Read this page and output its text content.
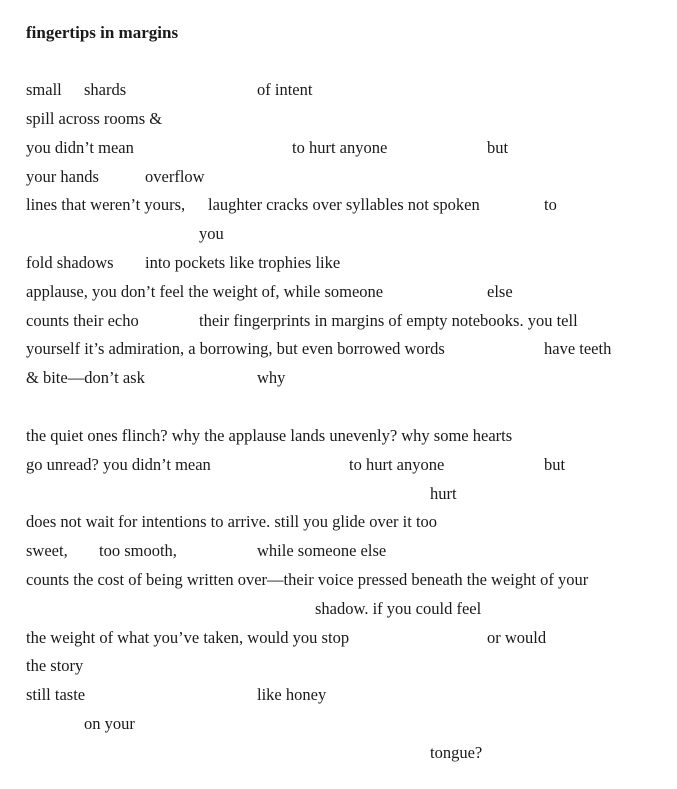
fingertips in margins
small shards	of intent
spill across rooms &
you didn’t mean	to hurt anyone	but
your hands	overflow
lines that weren’t yours, laughter cracks over syllables not spoken	to
you
fold shadows into pockets like trophies like
applause, you don’t feel the weight of, while someone	else
counts their echo	their fingerprints in margins of empty notebooks. you tell
yourself it’s admiration, a borrowing, but even borrowed words	have teeth
& bite—don’t ask	why
the quiet ones flinch? why the applause lands unevenly? why some hearts
go unread? you didn’t mean	to hurt anyone	but
hurt
does not wait for intentions to arrive. still you glide over it too
sweet, too smooth,	while someone else
counts the cost of being written over—their voice pressed beneath the weight of your
shadow. if you could feel
the weight of what you’ve taken, would you stop	or would
the story
still taste	like honey
on your
tongue?
